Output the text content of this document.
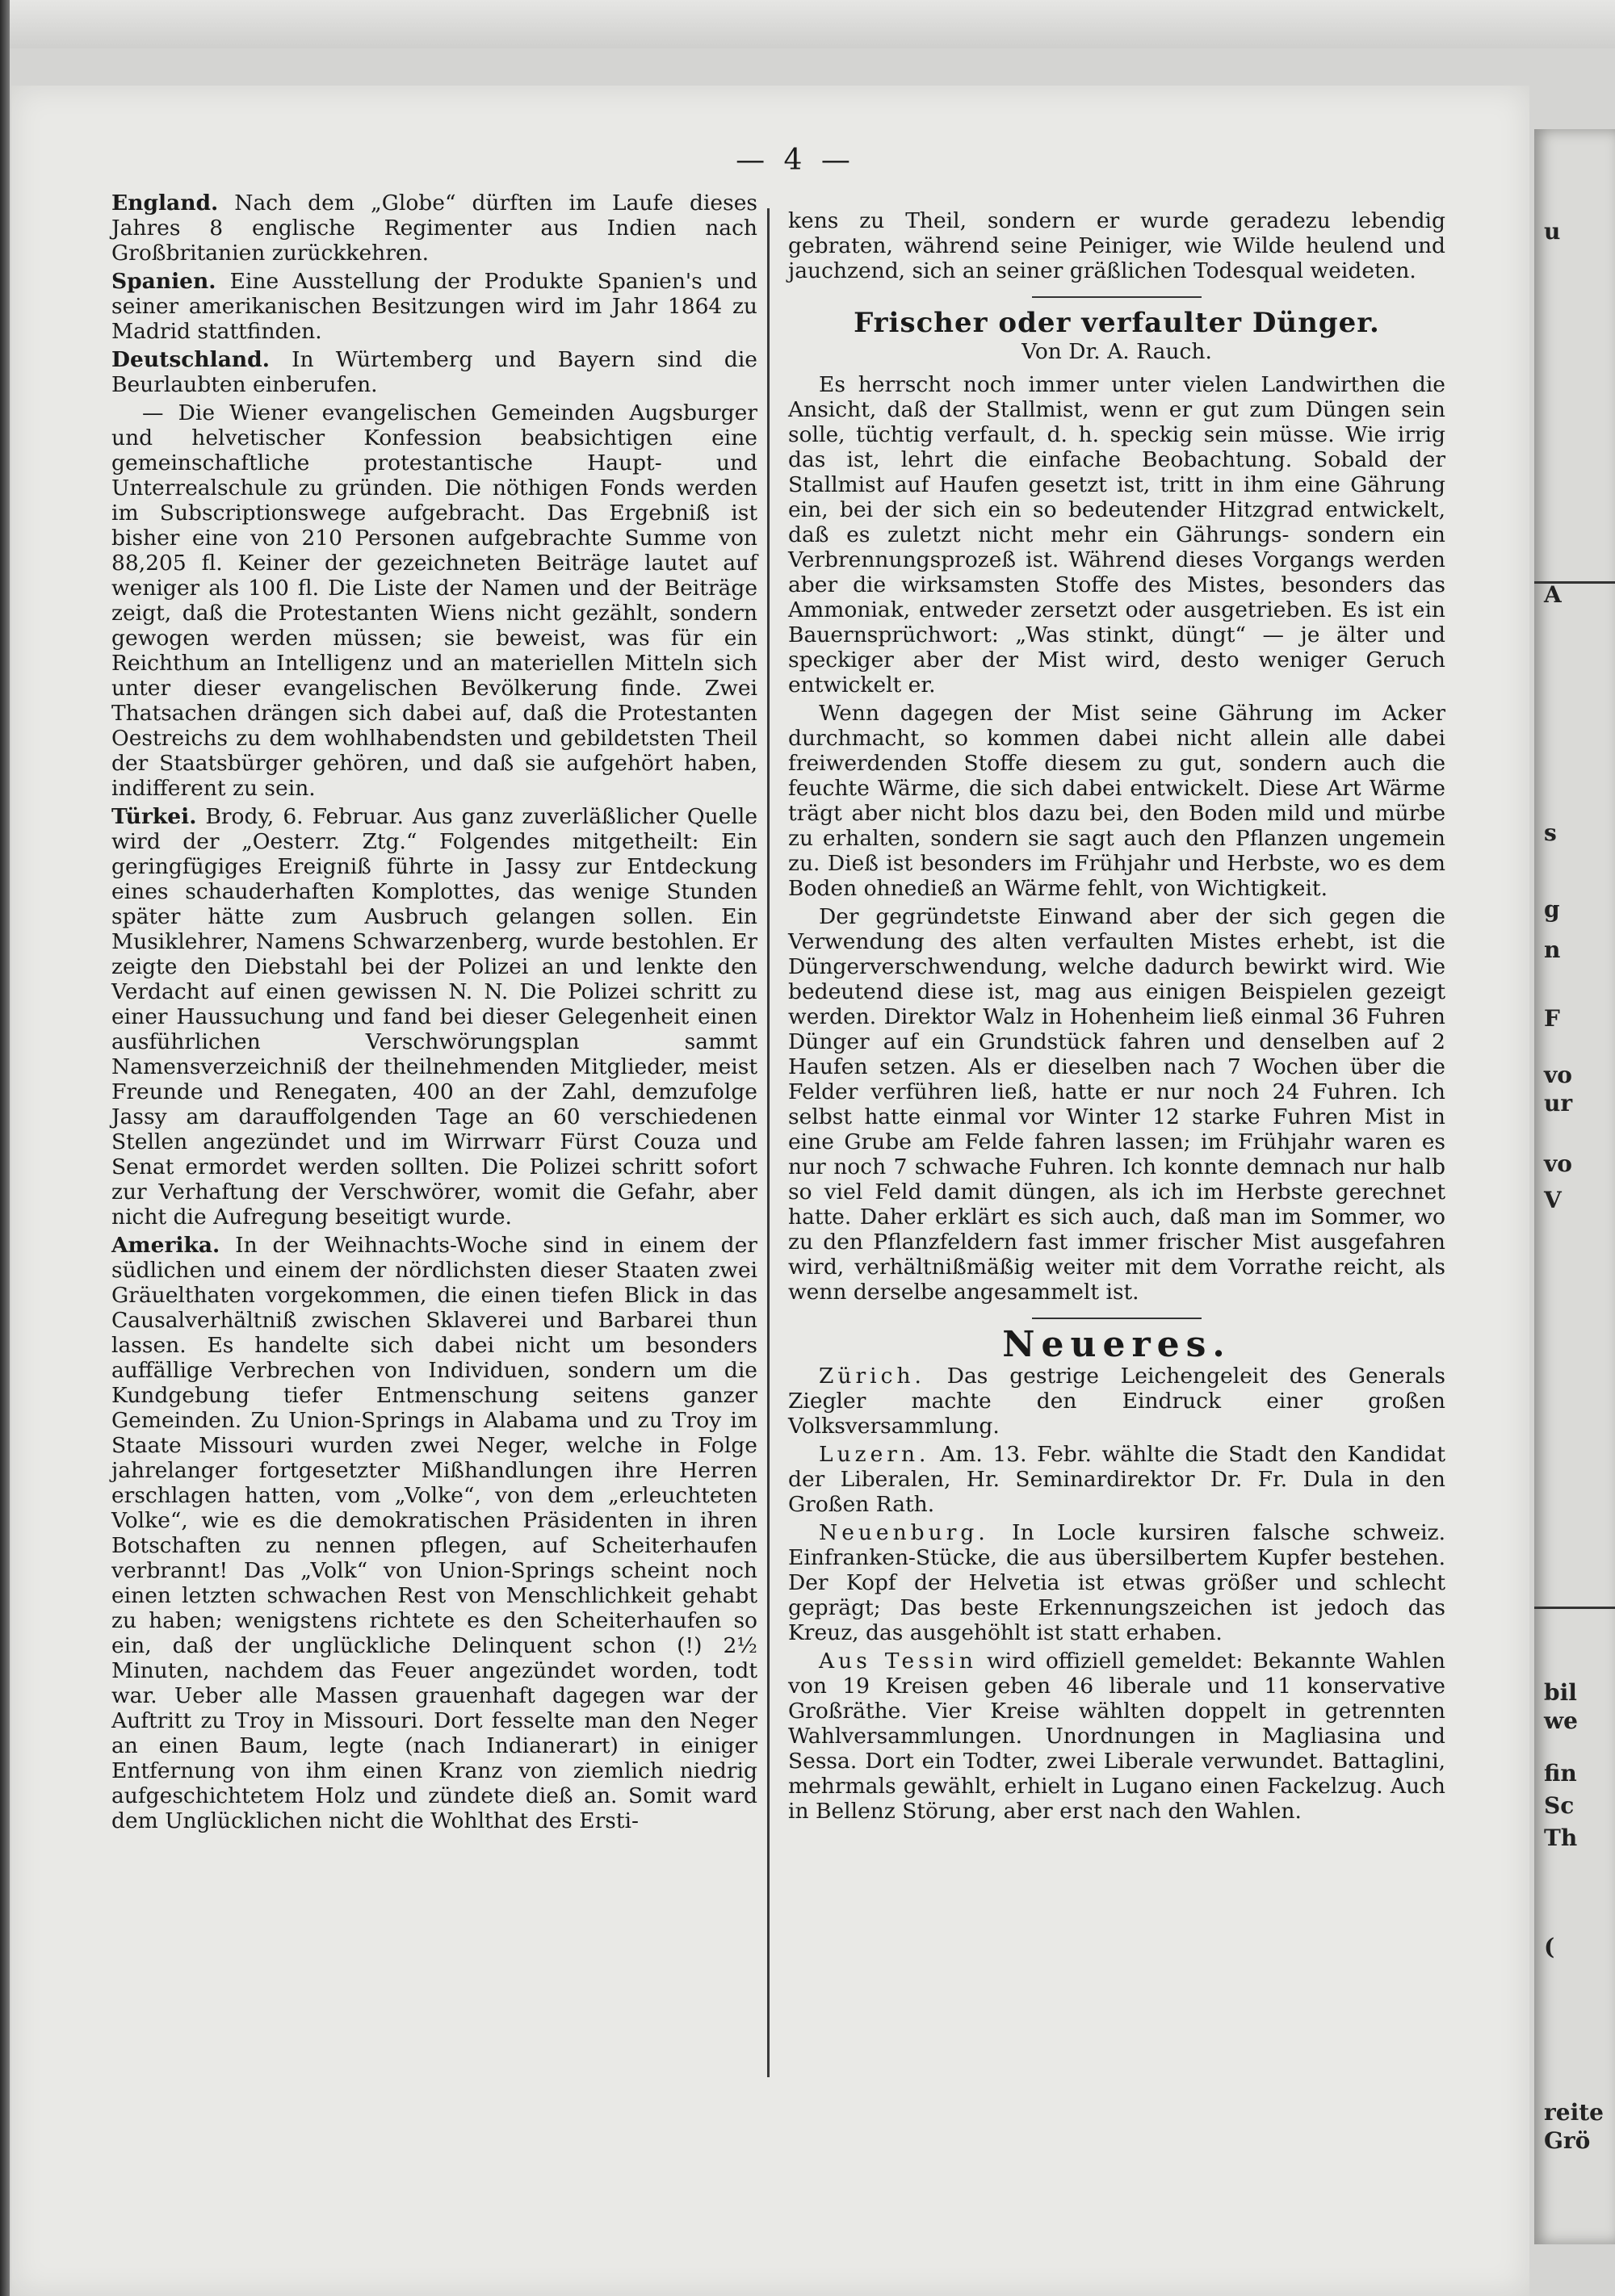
— 4 —

England. Nach dem „Globe“ dürften im Laufe dieses Jahres 8 englische Regimenter aus Indien nach Großbritanien zurückkehren.

Spanien. Eine Ausstellung der Produkte Spanien's und seiner amerikanischen Besitzungen wird im Jahr 1864 zu Madrid stattfinden.

Deutschland. In Würtemberg und Bayern sind die Beurlaubten einberufen.

— Die Wiener evangelischen Gemeinden Augsburger und helvetischer Konfession beabsichtigen eine gemeinschaftliche protestantische Haupt- und Unterrealschule zu gründen. Die nöthigen Fonds werden im Subscriptionswege aufgebracht. Das Ergebniß ist bisher eine von 210 Personen aufgebrachte Summe von 88,205 fl. Keiner der gezeichneten Beiträge lautet auf weniger als 100 fl. Die Liste der Namen und der Beiträge zeigt, daß die Protestanten Wiens nicht gezählt, sondern gewogen werden müssen; sie beweist, was für ein Reichthum an Intelligenz und an materiellen Mitteln sich unter dieser evangelischen Bevölkerung finde. Zwei Thatsachen drängen sich dabei auf, daß die Protestanten Oestreichs zu dem wohlhabendsten und gebildetsten Theil der Staatsbürger gehören, und daß sie aufgehört haben, indifferent zu sein.

Türkei. Brody, 6. Februar. Aus ganz zuverläßlicher Quelle wird der „Oesterr. Ztg.“ Folgendes mitgetheilt: Ein geringfügiges Ereigniß führte in Jassy zur Entdeckung eines schauderhaften Komplottes, das wenige Stunden später hätte zum Ausbruch gelangen sollen. Ein Musiklehrer, Namens Schwarzenberg, wurde bestohlen. Er zeigte den Diebstahl bei der Polizei an und lenkte den Verdacht auf einen gewissen N. N. Die Polizei schritt zu einer Haussuchung und fand bei dieser Gelegenheit einen ausführlichen Verschwörungsplan sammt Namensverzeichniß der theilnehmenden Mitglieder, meist Freunde und Renegaten, 400 an der Zahl, demzufolge Jassy am darauffolgenden Tage an 60 verschiedenen Stellen angezündet und im Wirrwarr Fürst Couza und Senat ermordet werden sollten. Die Polizei schritt sofort zur Verhaftung der Verschwörer, womit die Gefahr, aber nicht die Aufregung beseitigt wurde.

Amerika. In der Weihnachts-Woche sind in einem der südlichen und einem der nördlichsten dieser Staaten zwei Gräuelthaten vorgekommen, die einen tiefen Blick in das Causalverhältniß zwischen Sklaverei und Barbarei thun lassen. Es handelte sich dabei nicht um besonders auffällige Verbrechen von Individuen, sondern um die Kundgebung tiefer Entmenschung seitens ganzer Gemeinden. Zu Union-Springs in Alabama und zu Troy im Staate Missouri wurden zwei Neger, welche in Folge jahrelanger fortgesetzter Mißhandlungen ihre Herren erschlagen hatten, vom „Volke“, von dem „erleuchteten Volke“, wie es die demokratischen Präsidenten in ihren Botschaften zu nennen pflegen, auf Scheiterhaufen verbrannt! Das „Volk“ von Union-Springs scheint noch einen letzten schwachen Rest von Menschlichkeit gehabt zu haben; wenigstens richtete es den Scheiterhaufen so ein, daß der unglückliche Delinquent schon (!) 2½ Minuten, nachdem das Feuer angezündet worden, todt war. Ueber alle Massen grauenhaft dagegen war der Auftritt zu Troy in Missouri. Dort fesselte man den Neger an einen Baum, legte (nach Indianerart) in einiger Entfernung von ihm einen Kranz von ziemlich niedrig aufgeschichtetem Holz und zündete dieß an. Somit ward dem Unglücklichen nicht die Wohlthat des Ersti-

kens zu Theil, sondern er wurde geradezu lebendig gebraten, während seine Peiniger, wie Wilde heulend und jauchzend, sich an seiner gräßlichen Todesqual weideten.

Frischer oder verfaulter Dünger.
Von Dr. A. Rauch.

Es herrscht noch immer unter vielen Landwirthen die Ansicht, daß der Stallmist, wenn er gut zum Düngen sein solle, tüchtig verfault, d. h. speckig sein müsse. Wie irrig das ist, lehrt die einfache Beobachtung. Sobald der Stallmist auf Haufen gesetzt ist, tritt in ihm eine Gährung ein, bei der sich ein so bedeutender Hitzgrad entwickelt, daß es zuletzt nicht mehr ein Gährungs- sondern ein Verbrennungsprozeß ist. Während dieses Vorgangs werden aber die wirksamsten Stoffe des Mistes, besonders das Ammoniak, entweder zersetzt oder ausgetrieben. Es ist ein Bauernsprüchwort: „Was stinkt, düngt“ — je älter und speckiger aber der Mist wird, desto weniger Geruch entwickelt er.

Wenn dagegen der Mist seine Gährung im Acker durchmacht, so kommen dabei nicht allein alle dabei freiwerdenden Stoffe diesem zu gut, sondern auch die feuchte Wärme, die sich dabei entwickelt. Diese Art Wärme trägt aber nicht blos dazu bei, den Boden mild und mürbe zu erhalten, sondern sie sagt auch den Pflanzen ungemein zu. Dieß ist besonders im Frühjahr und Herbste, wo es dem Boden ohnedieß an Wärme fehlt, von Wichtigkeit.

Der gegründetste Einwand aber der sich gegen die Verwendung des alten verfaulten Mistes erhebt, ist die Düngerverschwendung, welche dadurch bewirkt wird. Wie bedeutend diese ist, mag aus einigen Beispielen gezeigt werden. Direktor Walz in Hohenheim ließ einmal 36 Fuhren Dünger auf ein Grundstück fahren und denselben auf 2 Haufen setzen. Als er dieselben nach 7 Wochen über die Felder verführen ließ, hatte er nur noch 24 Fuhren. Ich selbst hatte einmal vor Winter 12 starke Fuhren Mist in eine Grube am Felde fahren lassen; im Frühjahr waren es nur noch 7 schwache Fuhren. Ich konnte demnach nur halb so viel Feld damit düngen, als ich im Herbste gerechnet hatte. Daher erklärt es sich auch, daß man im Sommer, wo zu den Pflanzfeldern fast immer frischer Mist ausgefahren wird, verhältnißmäßig weiter mit dem Vorrathe reicht, als wenn derselbe angesammelt ist.

Neueres.

Zürich. Das gestrige Leichengeleit des Generals Ziegler machte den Eindruck einer großen Volksversammlung.

Luzern. Am. 13. Febr. wählte die Stadt den Kandidat der Liberalen, Hr. Seminardirektor Dr. Fr. Dula in den Großen Rath.

Neuenburg. In Locle kursiren falsche schweiz. Einfranken-Stücke, die aus übersilbertem Kupfer bestehen. Der Kopf der Helvetia ist etwas größer und schlecht geprägt; Das beste Erkennungszeichen ist jedoch das Kreuz, das ausgehöhlt ist statt erhaben.

Aus Tessin wird offiziell gemeldet: Bekannte Wahlen von 19 Kreisen geben 46 liberale und 11 konservative Großräthe. Vier Kreise wählten doppelt in getrennten Wahlversammlungen. Unordnungen in Magliasina und Sessa. Dort ein Todter, zwei Liberale verwundet. Battaglini, mehrmals gewählt, erhielt in Lugano einen Fackelzug. Auch in Bellenz Störung, aber erst nach den Wahlen.

u
A
s
g
n
F
vo
ur
vo
V
bil
we
fin
Sc
Th
(
reite
Grö
